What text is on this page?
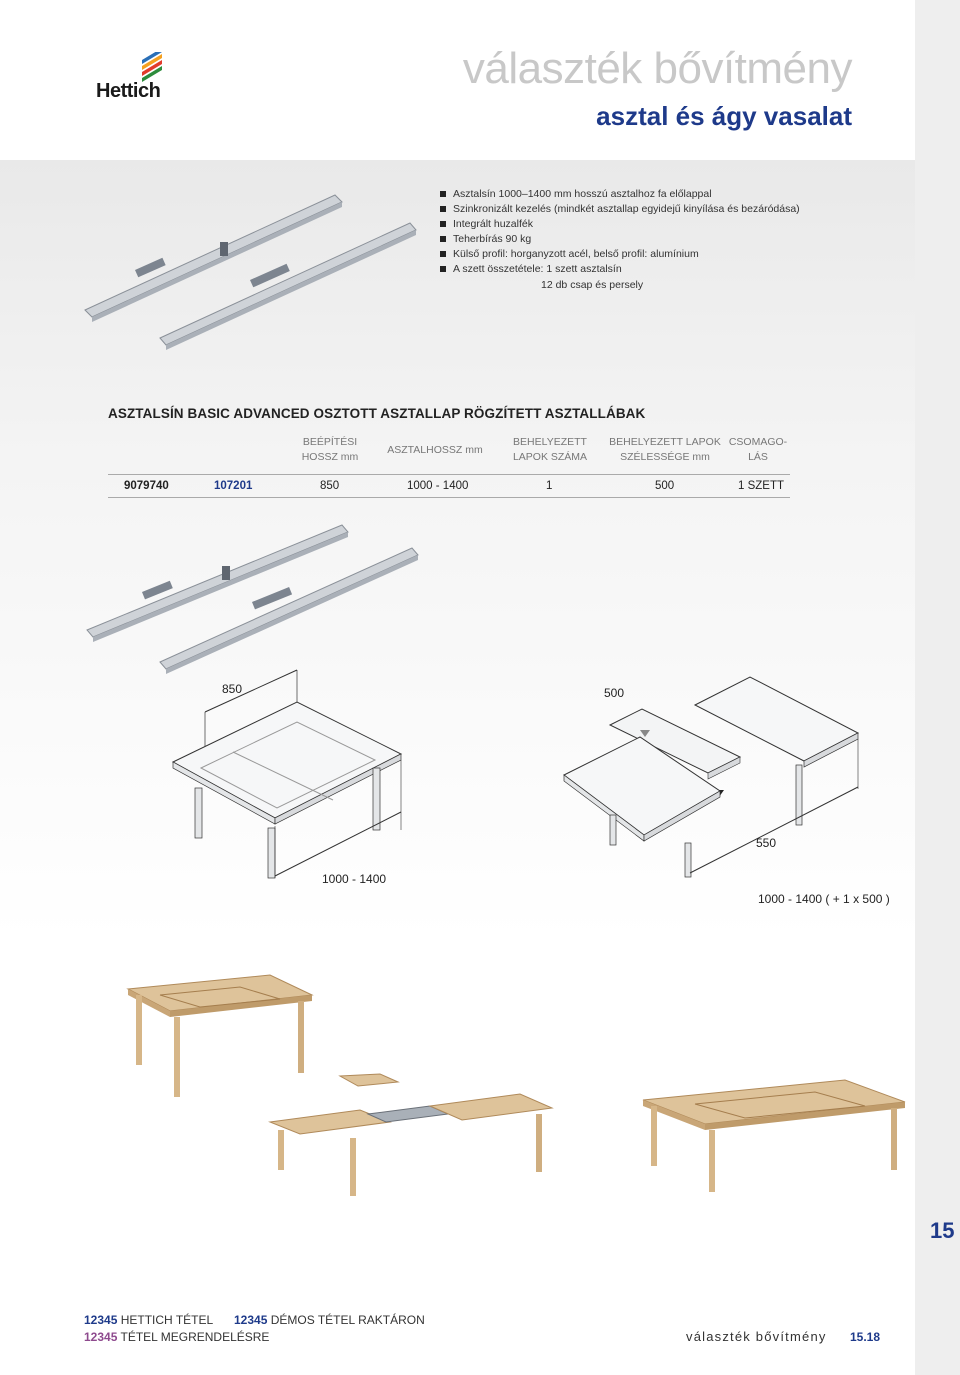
Hettich	választék bővítmény
asztal és ágy vasalat
Asztalsín 1000–1400 mm hosszú asztalhoz fa előlappal
Szinkronizált kezelés (mindkét asztallap egyidejű kinyílása és bezáródása)
Integrált huzalfék
Teherbírás 90 kg
Külső profil: horganyzott acél, belső profil: alumínium
A szett összetétele: 1 szett asztalsín
12 db csap és persely
ASZTALSÍN BASIC ADVANCED OSZTOTT ASZTALLAP RÖGZÍTETT ASZTALLÁBAK
BEÉPÍTÉSI
HOSSZ mm
ASZTALHOSSZ mm
BEHELYEZETT
LAPOK SZÁMA
BEHELYEZETT LAPOK
SZÉLESSÉGE mm
CSOMAGO-
LÁS
9079740	107201	850	1000 - 1400	1	500	1 SZETT
850
1000 - 1400
500
550
1000 - 1400 ( + 1 x 500 )
15
12345 HETTICH TÉTEL 12345 DÉMOS TÉTEL RAKTÁRON
12345 TÉTEL MEGRENDELÉSRE	választék bővítmény 15.18
